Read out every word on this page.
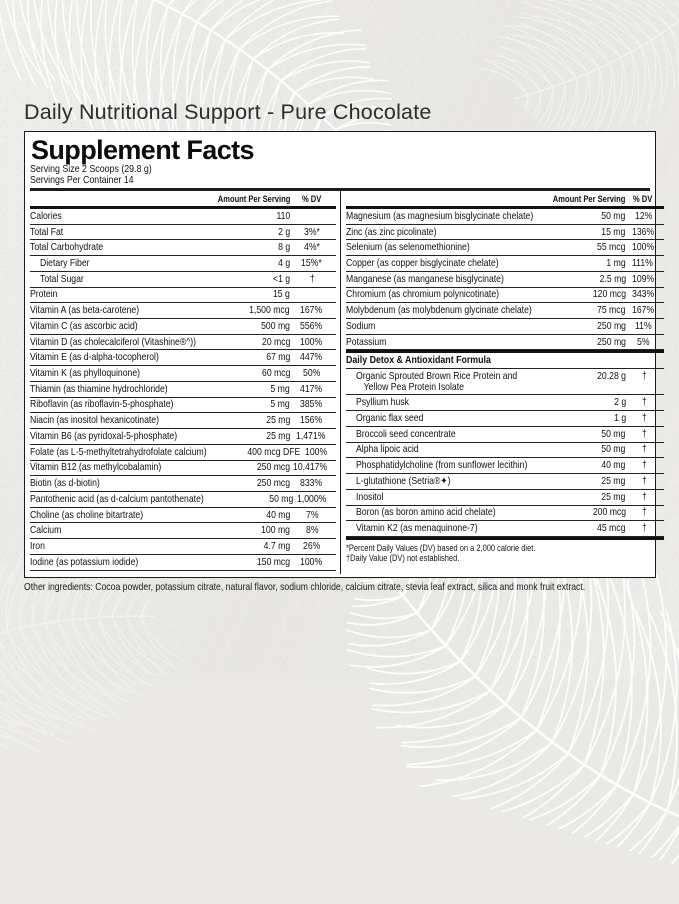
Daily Nutritional Support - Pure Chocolate
Supplement Facts
Serving Size 2 Scoops (29.8 g)
Servings Per Container 14
Amount Per Serving	% DV
Calories	110
Total Fat	2 g	3%*
Total Carbohydrate	8 g	4%*
Dietary Fiber	4 g	15%*
Total Sugar	<1 g	†
Protein	15 g
Vitamin A (as beta-carotene)	1,500 mcg 167%
Vitamin C (as ascorbic acid)	500 mg 556%
Vitamin D (as cholecalciferol (Vitashine®^))	20 mcg 100%
Vitamin E (as d-alpha-tocopherol)	67 mg 447%
Vitamin K (as phylloquinone)	60 mcg	50%
Thiamin (as thiamine hydrochloride)	5 mg 417%
Riboflavin (as riboflavin-5-phosphate)	5 mg 385%
Niacin (as inositol hexanicotinate)	25 mg 156%
Vitamin B6 (as pyridoxal-5-phosphate)	25 mg 1,471%
Folate (as L-5-methyltetrahydrofolate calcium)	400 mcg DFE 100%
Vitamin B12 (as methylcobalamin)	250 mcg 10,417%
Biotin (as d-biotin)	250 mcg 833%
Pantothenic acid (as d-calcium pantothenate)	50 mg 1,000%
Choline (as choline bitartrate)	40 mg	7%
Calcium	100 mg	8%
Iron	4.7 mg	26%
Iodine (as potassium iodide)	150 mcg 100%
Amount Per Serving % DV
Magnesium (as magnesium bisglycinate chelate)	50 mg 12%
Zinc (as zinc picolinate)	15 mg 136%
Selenium (as selenomethionine)	55 mcg 100%
Copper (as copper bisglycinate chelate)	1 mg 111%
Manganese (as manganese bisglycinate)	2.5 mg 109%
Chromium (as chromium polynicotinate)	120 mcg 343%
Molybdenum (as molybdenum glycinate chelate)	75 mcg 167%
Sodium	250 mg 11%
Potassium	250 mg	5%
Daily Detox & Antioxidant Formula
Organic Sprouted Brown Rice Protein and
Yellow Pea Protein Isolate
20.28 g	†
Psyllium husk	2 g	†
Organic flax seed	1 g	†
Broccoli seed concentrate	50 mg	†
Alpha lipoic acid	50 mg	†
Phosphatidylcholine (from sunflower lecithin)	40 mg	†
L-glutathione (Setria®✦)	25 mg	†
Inositol	25 mg	†
Boron (as boron amino acid chelate)	200 mcg	†
Vitamin K2 (as menaquinone-7)	45 mcg	†
*Percent Daily Values (DV) based on a 2,000 calorie diet.
†Daily Value (DV) not established.
Other ingredients: Cocoa powder, potassium citrate, natural flavor, sodium chloride, calcium citrate, stevia leaf extract, silica and monk fruit extract.
